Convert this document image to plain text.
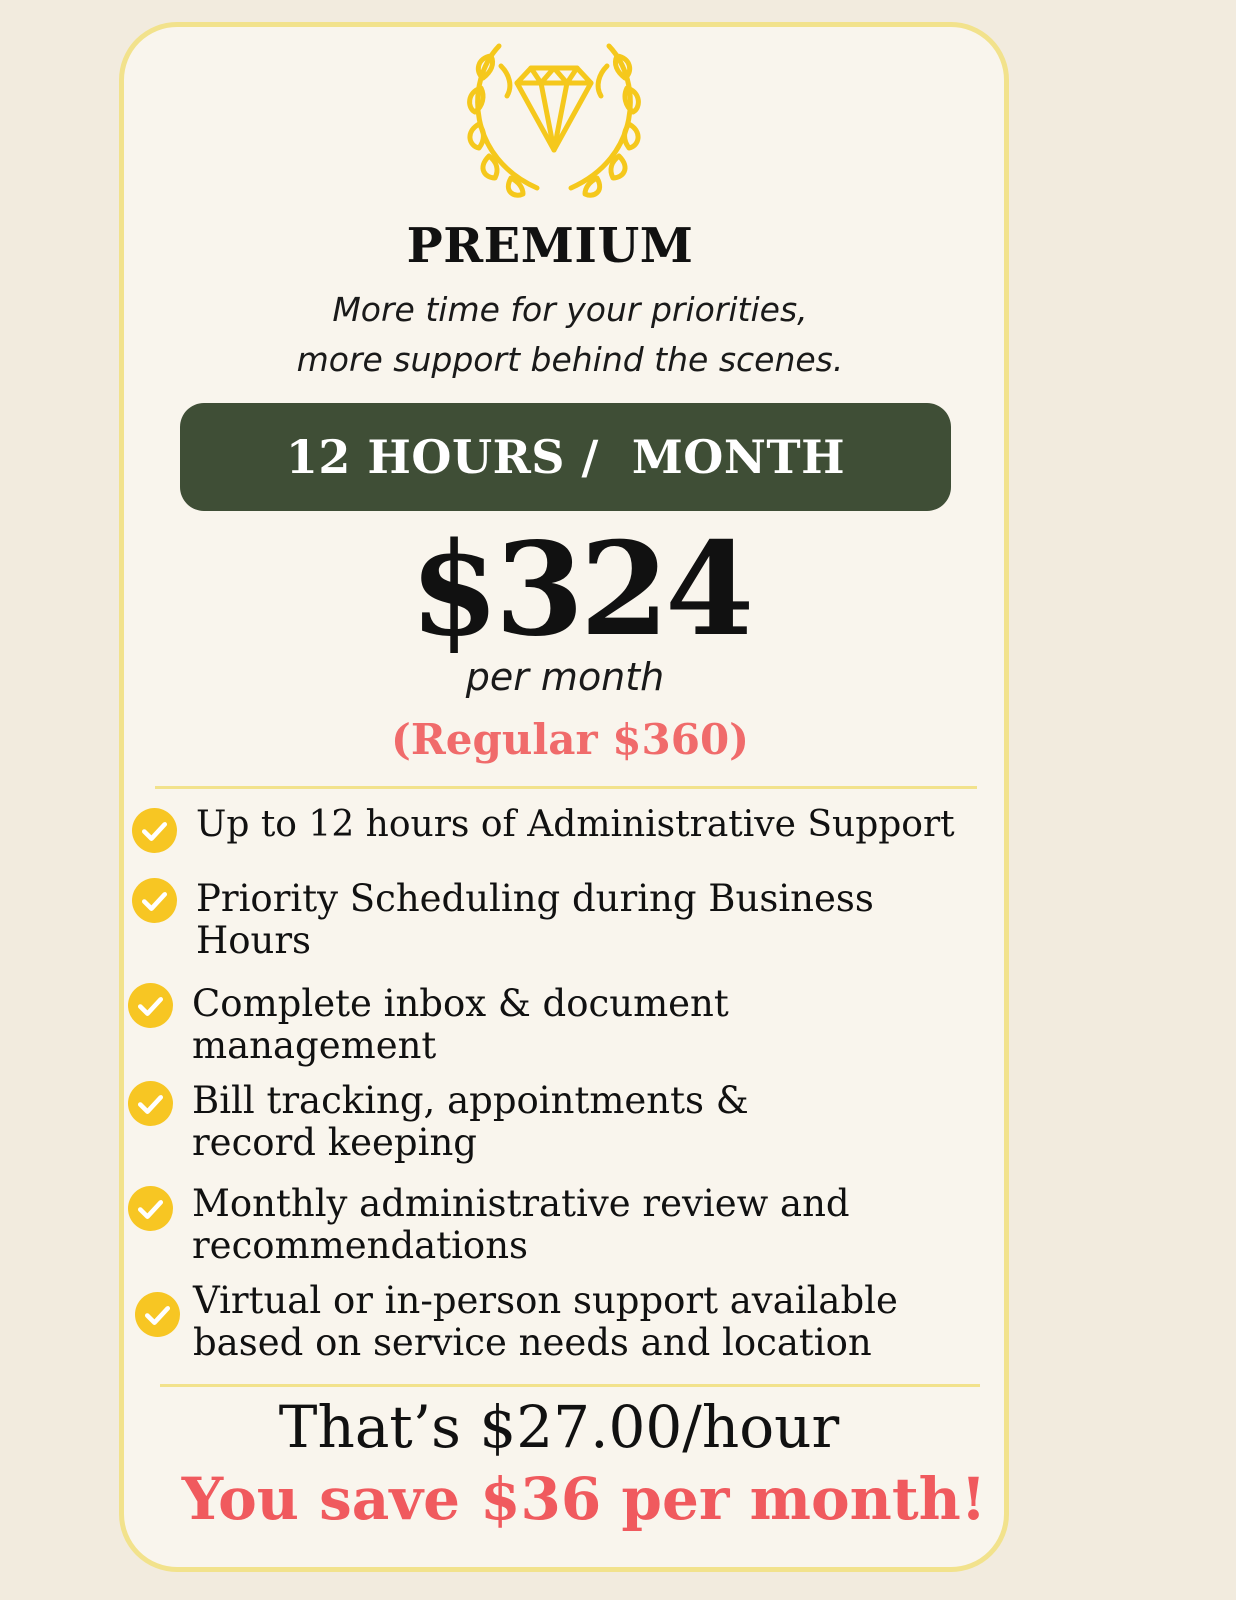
PREMIUM
More time for your priorities,
more support behind the scenes.
12 HOURS /  MONTH
$324
per month
(Regular $360)
Up to 12 hours of Administrative Support
Priority Scheduling during Business
Hours
Complete inbox & document
management
Bill tracking, appointments &
record keeping
Monthly administrative review and
recommendations
Virtual or in-person support available
based on service needs and location
That’s $27.00/hour
You save $36 per month!
